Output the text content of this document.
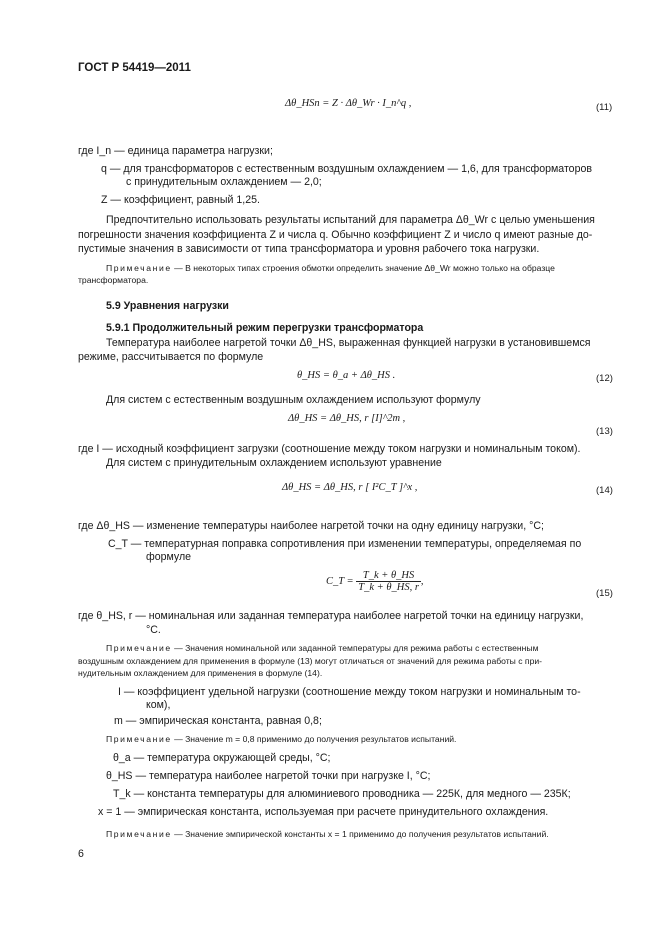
ГОСТ Р 54419—2011
Δθ_HSn = Z · Δθ_Wr · I_n^q ,	(11)
где I_n — единица параметра нагрузки;
q — для трансформаторов с естественным воздушным охлаждением — 1,6, для трансформаторов
с принудительным охлаждением — 2,0;
Z — коэффициент, равный 1,25.
Предпочтительно использовать результаты испытаний для параметра Δθ_Wr с целью уменьшения
погрешности значения коэффициента Z и числа q. Обычно коэффициент Z и число q имеют разные до-
пустимые значения в зависимости от типа трансформатора и уровня рабочего тока нагрузки.
Примечание — В некоторых типах строения обмотки определить значение Δθ_Wr можно только на образце
трансформатора.
5.9 Уравнения нагрузки
5.9.1 Продолжительный режим перегрузки трансформатора
Температура наиболее нагретой точки Δθ_HS, выраженная функцией нагрузки в установившемся
режиме, рассчитывается по формуле
θ_HS = θ_a + Δθ_HS .	(12)
Для систем с естественным воздушным охлаждением используют формулу
Δθ_HS = Δθ_HS, r [I]^2m ,
(13)
где I — исходный коэффициент загрузки (соотношение между током нагрузки и номинальным током).
Для систем с принудительным охлаждением используют уравнение
Δθ_HS = Δθ_HS, r [ I²C_T ]^x ,	(14)
где Δθ_HS — изменение температуры наиболее нагретой точки на одну единицу нагрузки, °С;
C_T — температурная поправка сопротивления при изменении температуры, определяемая по
формуле
C_T = $\frac{T\_k + \theta\_HS}{T\_k + \theta\_HS, r}$ ,
(15)
где θ_HS, r — номинальная или заданная температура наиболее нагретой точки на единицу нагрузки,
°С.
Примечание — Значения номинальной или заданной температуры для режима работы с естественным
воздушным охлаждением для применения в формуле (13) могут отличаться от значений для режима работы с при-
нудительным охлаждением для применения в формуле (14).
I — коэффициент удельной нагрузки (соотношение между током нагрузки и номинальным то-
ком),
m — эмпирическая константа, равная 0,8;
Примечание — Значение m = 0,8 применимо до получения результатов испытаний.
θ_a — температура окружающей среды, °С;
θ_HS — температура наиболее нагретой точки при нагрузке I, °С;
T_k — константа температуры для алюминиевого проводника — 225К, для медного — 235К;
x = 1 — эмпирическая константа, используемая при расчете принудительного охлаждения.
Примечание — Значение эмпирической константы x = 1 применимо до получения результатов испытаний.
6
